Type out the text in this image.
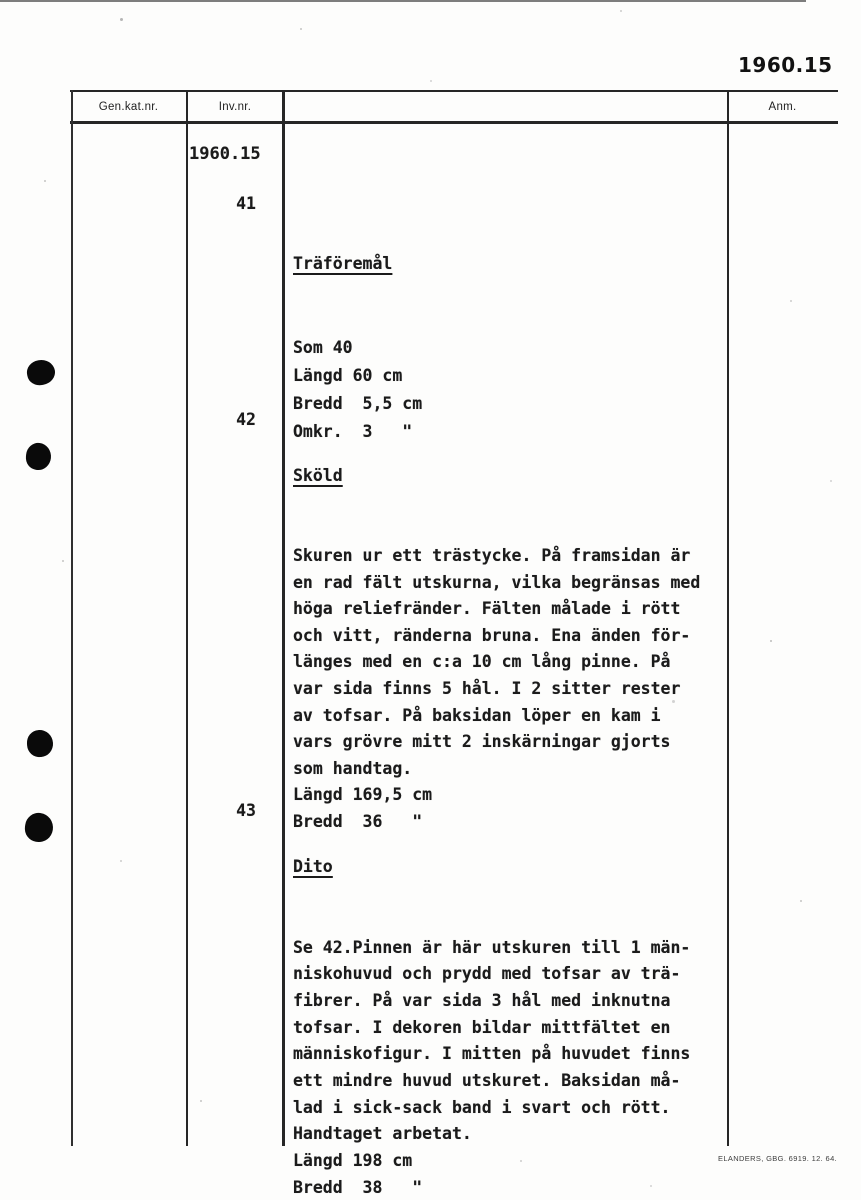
1960.15
Gen.kat.nr.	Inv.nr.	Anm.
1960.15
41

Träföremål

Som 40
Längd 60 cm
Bredd  5,5 cm
Omkr.  3   "

42

Sköld

Skuren ur ett trästycke. På framsidan är
en rad fält utskurna, vilka begränsas med
höga reliefränder. Fälten målade i rött
och vitt, ränderna bruna. Ena änden för-
länges med en c:a 10 cm lång pinne. På
var sida finns 5 hål. I 2 sitter rester
av tofsar. På baksidan löper en kam i
vars grövre mitt 2 inskärningar gjorts
som handtag.
Längd 169,5 cm
Bredd  36   "

43

Dito

Se 42.Pinnen är här utskuren till 1 män-
niskohuvud och prydd med tofsar av trä-
fibrer. På var sida 3 hål med inknutna
tofsar. I dekoren bildar mittfältet en
människofigur. I mitten på huvudet finns
ett mindre huvud utskuret. Baksidan må-
lad i sick-sack band i svart och rött.
Handtaget arbetat.
Längd 198 cm
Bredd  38   "

ELANDERS, GBG. 6919. 12. 64.
